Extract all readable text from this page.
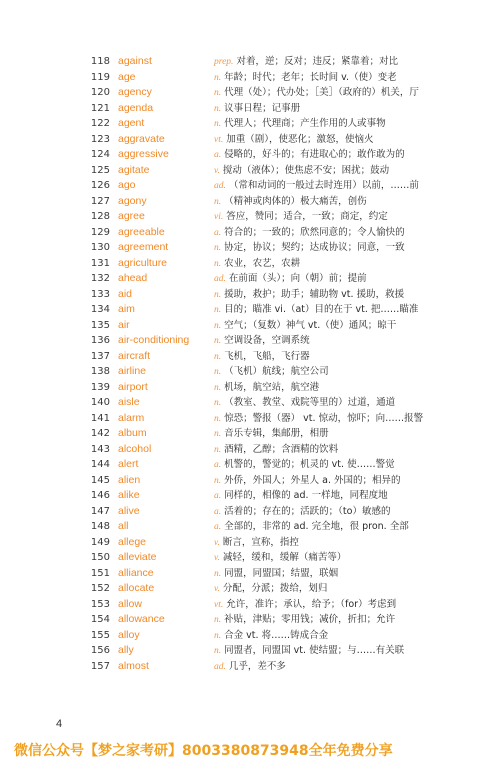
118 against	prep. 对着，逆；反对；违反；紧靠着；对比
119 age	n. 年龄；时代；老年；长时间 v.（使）变老
120 agency	n. 代理（处）；代办处；［美］（政府的）机关，厅
121 agenda	n. 议事日程；记事册
122 agent	n. 代理人；代理商；产生作用的人或事物
123 aggravate	vt. 加重（剧），使恶化；激怒，使恼火
124 aggressive	a. 侵略的，好斗的；有进取心的；敢作敢为的
125 agitate	v. 搅动（液体）；使焦虑不安；困扰；鼓动
126 ago	ad. （常和动词的一般过去时连用）以前，……前
127 agony	n. （精神或肉体的）极大痛苦，创伤
128 agree	vi. 答应，赞同；适合，一致；商定，约定
129 agreeable	a. 符合的；一致的；欣然同意的；令人愉快的
130 agreement	n. 协定，协议；契约；达成协议；同意，一致
131 agriculture	n. 农业，农艺，农耕
132 ahead	ad. 在前面（头）；向（朝）前；提前
133 aid	n. 援助，救护；助手；辅助物 vt. 援助，救援
134 aim	n. 目的；瞄准 vi.（at）目的在于 vt. 把……瞄准
135 air	n. 空气；（复数）神气 vt.（使）通风；晾干
136 air-conditioning	n. 空调设备，空调系统
137 aircraft	n. 飞机，飞船，飞行器
138 airline	n. （飞机）航线；航空公司
139 airport	n. 机场，航空站，航空港
140 aisle	n. （教室、教堂、戏院等里的）过道，通道
141 alarm	n. 惊恐；警报（器） vt. 惊动，惊吓；向……报警
142 album	n. 音乐专辑，集邮册，相册
143 alcohol	n. 酒精，乙醇；含酒精的饮料
144 alert	a. 机警的，警觉的；机灵的 vt. 使……警觉
145 alien	n. 外侨，外国人；外星人 a. 外国的；相异的
146 alike	a. 同样的，相像的 ad. 一样地，同程度地
147 alive	a. 活着的；存在的；活跃的；（to）敏感的
148 all	a. 全部的，非常的 ad. 完全地，很 pron. 全部
149 allege	v. 断言，宣称，指控
150 alleviate	v. 减轻，缓和，缓解（痛苦等）
151 alliance	n. 同盟，同盟国；结盟，联姻
152 allocate	v. 分配，分派；拨给，划归
153 allow	vt. 允许，准许；承认，给予；（for）考虑到
154 allowance	n. 补贴，津贴；零用钱；减价，折扣；允许
155 alloy	n. 合金 vt. 将……铸成合金
156 ally	n. 同盟者，同盟国 vt. 使结盟；与……有关联
157 almost	ad. 几乎，差不多
4
微信公众号【梦之家考研】8003380873948全年免费分享
